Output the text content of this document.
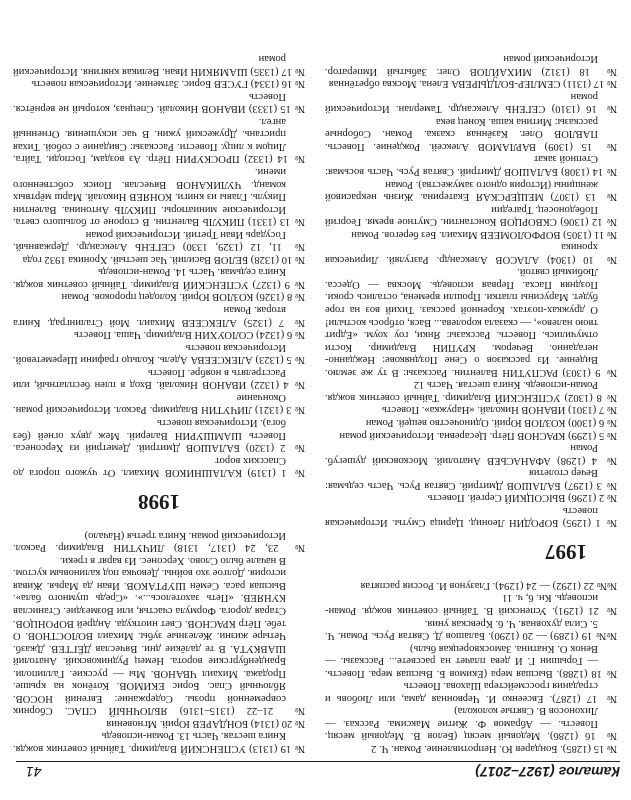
Каталог (1927–2017)
41

№ 15 (1285). Бондарев Ю. Непротивление. Роман. Ч. 2

№ 16 (1286). Медовый месяц (Белов В. Медовый месяц. Повесть. — Абрамов Ф. Житие Максима. Рассказ. — Лихоносов В. Святые колокола)

№ 17 (1287). Евсеенко И. Червонная дама, или Любовь и страдания гроссмейстера Шахова. Повесть

№ 18 (1288). Высшая мера (Екимов Б. Высшая мера. Повесть. — Горышин Г. И дева плачет на рассвете... Рассказы. — Венок О. Кнатина. Замоскворецкая быль)

№№ 19 (1289) — 20 (1290). Балашов Д. Святая Русь. Роман. Ч. 5. Сила духовная. Ч. 6. Кревская уния.

№ 21 (1291). Успенский В. Тайный советник вождя. Роман-исповедь. Кн. 6, ч. 11

№№ 22 (1292) — 24 (1294). Глазунов И. Россия распятая

1997

№ 1 (1295) БОРОДИН Леонид. Царица Смуты. Историческая повесть

№ 2 (1296) ВЫСОЦКИЙ Сергей. Повесть

№ 3 (1297) БАЛАШОВ Дмитрий. Святая Русь. Часть седьмая: Вечер столетия

№ 4 (1298) АФАНАСЬЕВ Анатолий. Московский душегуб. Роман

№ 5 (1299) КРАСНОВ Пётр. Цесаревна. Исторический роман

№ 6 (1300) КОЗЛОВ Юрий. Одиночество вещей. Роман

№ 7 (1301) ИВАНОВ Николай. «Наружка». Повесть

№ 8 (1302) УСПЕНСКИЙ Владимир. Тайный советник вождя. Роман-исповедь. Книга шестая. Часть 12

№ 9 (1303) РАСПУТИН Валентин. Рассказы: В ту же землю. Видение. Из рассказов о Сене Позднякове: Нежданно-негаданно. Вечером. КРУПИН Владимир. Кости отмучились. Повесть. Рассказы: Янки, гоу хоум. «Едрит твою налево», — сказала королева... Вася, отбрось костыли! О дружках-поэтах. Коренной рассказ. Тихий воз на горе будет. Марусины платки. Прошли времена, остались сроки. Поздняя Пасха. Первая исповедь. Москва — Одесса. Любимый святой.

№ 10 (1304) АЛАСОВ Александр. Разгуляй. Лирическая хроника

№ 11 (1305) ВОРФОЛОМЕЕВ Михаил. Без берегов. Роман

№ 12 (1306) СКВОРЦОВ Константин. Смутное время. Георгий Победоносец. Трагедии

№ 13 (1307) МЕЩЕРСКАЯ Екатерина. Жизнь некрасивой женщины (История одного замужества). Роман

№ 14 (1308) БАЛАШОВ Дмитрий. Святая Русь. Часть восьмая: Степной закат

№ 15 (1309) ВАРЛАМОВ Алексей. Рождение. Повесть. ПАВЛОВ Олег. Казённая сказка. Роман. Соборные рассказы: Митина каша. Конец века

№ 16 (1310) СЕГЕНЬ Александр. Тамерлан. Исторический роман

№ 17 (1311) СЕМЛЕР-БОЛДЫРЕВА Елена. Москва обретённая

№ 18 (1312) МИХАЙЛОВ Олег. Забытый Император. Исторический роман

№ 19 (1313) УСПЕНСКИЙ Владимир. Тайный советник вождя. Книга шестая. Часть 13. Роман-исповедь

№ 20 (1314) БОНДАРЕВ Юрий. Мгновения

№ 21–22 (1315–1316) ЯБЛОЧНЫЙ СПАС. Сборник современной прозы. Содержание: Евгений НОСОВ. Яблочный Спас. Борис ЕКИМОВ. Котёнок на крыше. Продажа. Михаил ЧВАНОВ. Мы — русские. Галлиполи. Бранденбургские ворота. Немец Рудниковский. Анатолий ШАВКУТА. В те далёкие дни. Вячеслав ДЁГТЕВ. Джазб. Четыре жизни. Железные зубы. Михаил ВОЛОСТНОВ. О тебе. Пётр КРАСНОВ. Свет ниоткуда. Андрей ВОРОНЦОВ. Старая дорога. Формула счастья, или Возмездие. Станислав КУНЯЕВ. «Петь захотелось...». «Средь шумного бала». Высшая раса. Семён ШУРТАКОВ. Иван да Марья. Живая история. Долгое эхо войны. Девочка под калиновым кустом. В начале было Слово. Херсонес. Из варяг в греки.

№ 23, 24 (1317, 1318) ЛИЧУТИН Владимир. Раскол. Исторический роман. Книга третья (Начало)

1998

№ 1 (1319) КАЛАШНИКОВ Михаил. От чужого порога до Спасских ворот

№ 2 (1320) БАЛАШОВ Дмитрий. Деметрий из Херсонеса. Повесть ШАМШУРИН Валерий. Меж двух огней (без бога). Историческая повесть

№ 3 (1321) ЛИЧУТИН Владимир. Раскол. Исторический роман. Окончание

№ 4 (1322) ИВАНОВ Николай. Вход в плен бесплатный, или Расстрелять в ноябре. Повесть

№ 5 (1323) АЛЕКСЕЕВА Адель. Кольцо графини Шереметевой. Историческая повесть

№ 6 (1324) СОЛОУХИН Владимир. Чаша. Повесть

№ 7 (1325) АЛЕКСЕЕВ Михаил. Мой Сталинград. Книга вторая. Роман

№ 8 (1326) КОЗЛОВ Юрий. Колодец пророков. Роман

№ 9 (1327) УСПЕНСКИЙ Владимир. Тайный советник вождя. Книга седьмая. Часть 14. Роман-исповедь

№ 10 (1328) БЕЛОВ Василий. Час шестый. Хроника 1932 года

№ 11, 12 (1329, 1330) СЕГЕНЬ Александр. Державный. Государь Иван Третий. Исторический роман

№ 13 (1331) ПИКУЛЬ Валентин. В стороне от большого света. Исторические миниатюры. ПИКУЛЬ Антонина. Валентин Пикуль. Главы из книги. КОНЯЕВ Николай. Марш мёртвых команд. ЧУЛИКАНОВ Вячеслав. Поиск собственного имени.

№ 14 (1332) ПРОСКУРИН Пётр. Аз воздам, Господи. Тайга. Лицом к лицу. Повести. Рассказы: Свидание с собой. Тихая пристань. Дружеский ужин. В час искушения. Огненный ангел.

№ 15 (1333) ИВАНОВ Николай. Спецназ, который не вернётся. Повесть

№ 16 (1334) ГУСЕВ Борис. Затмение. Историческая повесть

№ 17 (1335) ШАМЯКИН Иван. Великая княгиня. Исторический роман
